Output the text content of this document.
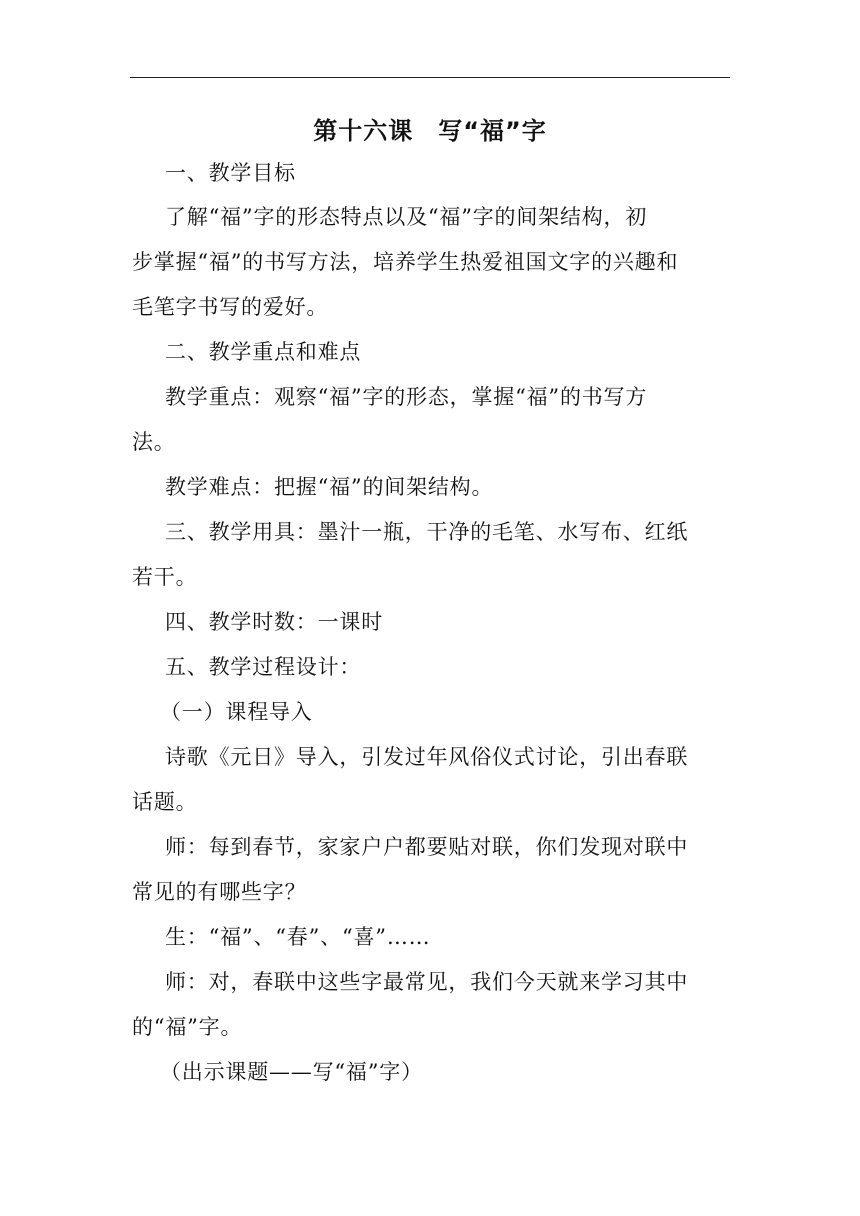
第十六课　写“福”字
一、教学目标
了解“福”字的形态特点以及“福”字的间架结构，初
步掌握“福”的书写方法，培养学生热爱祖国文字的兴趣和
毛笔字书写的爱好。
二、教学重点和难点
教学重点：观察“福”字的形态，掌握“福”的书写方
法。
教学难点：把握“福”的间架结构。
三、教学用具：墨汁一瓶，干净的毛笔、水写布、红纸
若干。
四、教学时数：一课时
五、教学过程设计：
（一）课程导入
诗歌《元日》导入，引发过年风俗仪式讨论，引出春联
话题。
师：每到春节，家家户户都要贴对联，你们发现对联中
常见的有哪些字？
生：“福”、“春”、“喜”……
师：对，春联中这些字最常见，我们今天就来学习其中
的“福”字。
（出示课题——写“福”字）
